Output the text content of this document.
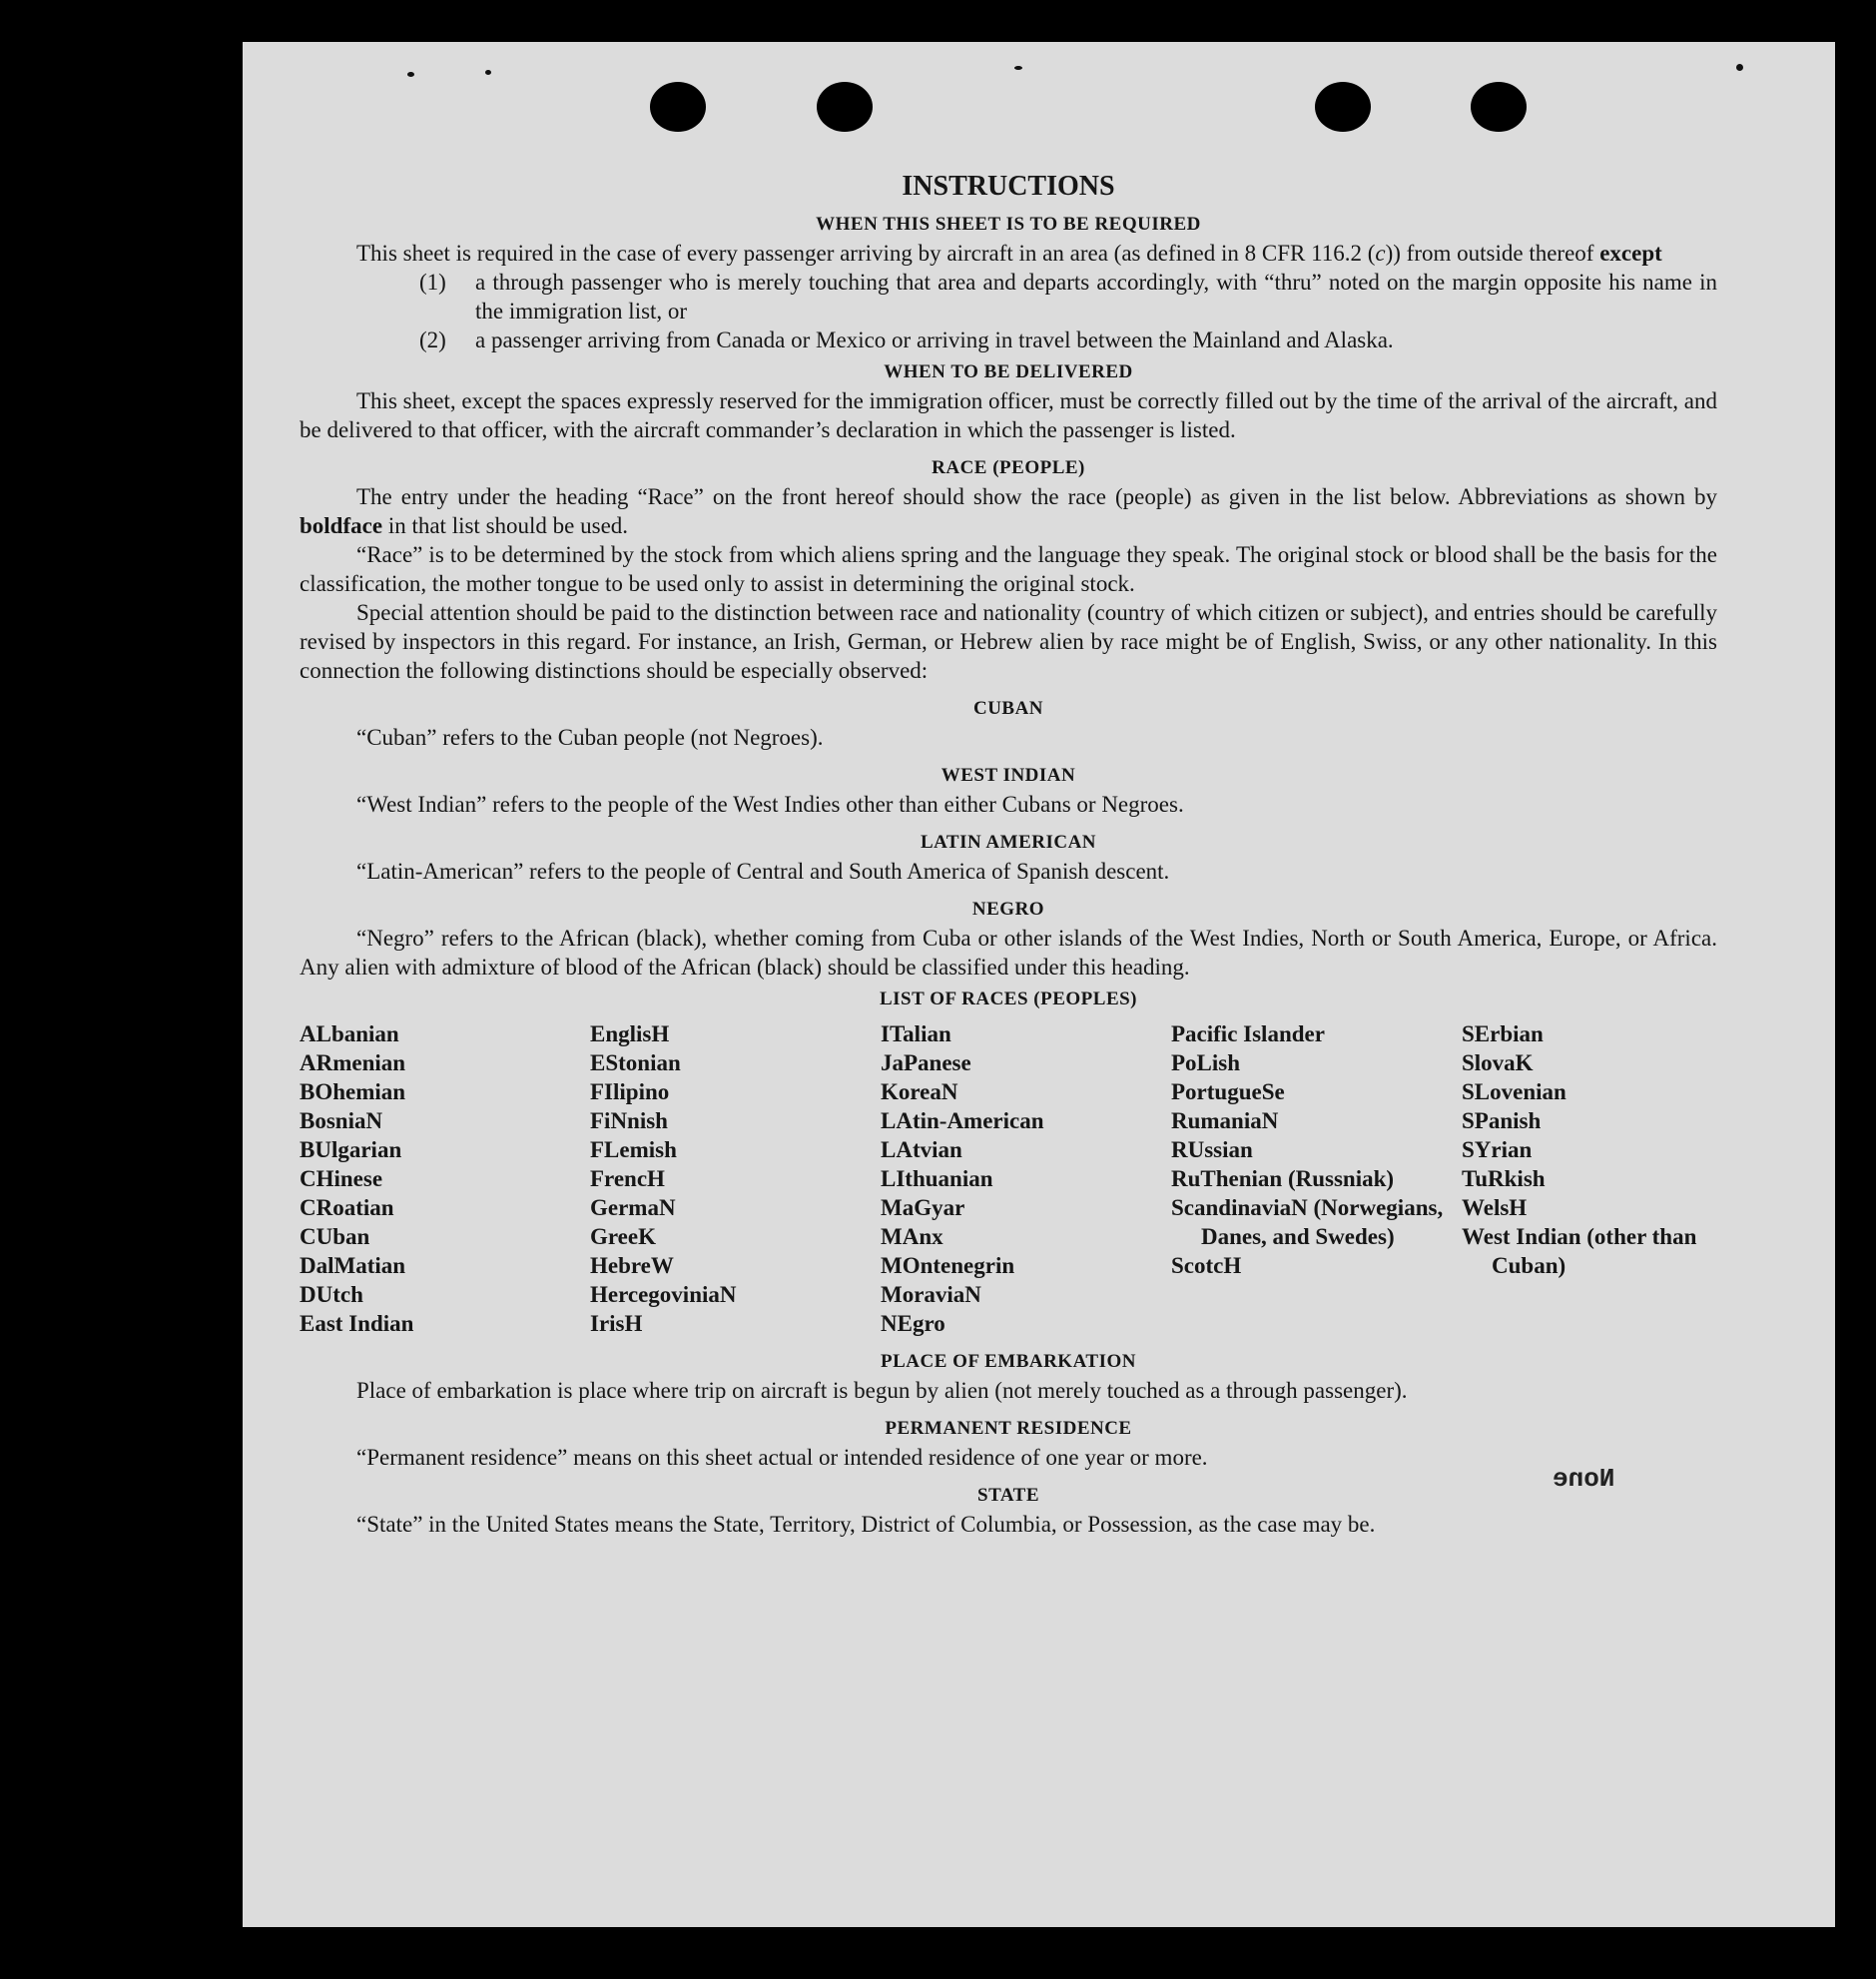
None
INSTRUCTIONS
WHEN THIS SHEET IS TO BE REQUIRED

This sheet is required in the case of every passenger arriving by aircraft in an area (as defined in 8 CFR 116.2 (c)) from outside thereof except

(1)	a through passenger who is merely touching that area and departs accordingly, with “thru” noted on the margin opposite his name in the immigration list, or
(2)	a passenger arriving from Canada or Mexico or arriving in travel between the Mainland and Alaska.
WHEN TO BE DELIVERED

This sheet, except the spaces expressly reserved for the immigration officer, must be correctly filled out by the time of the arrival of the aircraft, and be delivered to that officer, with the aircraft commander’s declaration in which the passenger is listed.

RACE (PEOPLE)

The entry under the heading “Race” on the front hereof should show the race (people) as given in the list below. Abbreviations as shown by boldface in that list should be used.

“Race” is to be determined by the stock from which aliens spring and the language they speak. The original stock or blood shall be the basis for the classification, the mother tongue to be used only to assist in determining the original stock.

Special attention should be paid to the distinction between race and nationality (country of which citizen or subject), and entries should be carefully revised by inspectors in this regard. For instance, an Irish, German, or Hebrew alien by race might be of English, Swiss, or any other nationality. In this connection the following distinctions should be especially observed:

CUBAN

“Cuban” refers to the Cuban people (not Negroes).

WEST INDIAN

“West Indian” refers to the people of the West Indies other than either Cubans or Negroes.

LATIN AMERICAN

“Latin-American” refers to the people of Central and South America of Spanish descent.

NEGRO

“Negro” refers to the African (black), whether coming from Cuba or other islands of the West Indies, North or South America, Europe, or Africa. Any alien with admixture of blood of the African (black) should be classified under this heading.

LIST OF RACES (PEOPLES)
ALbanian
ARmenian
BOhemian
BosniaN
BUlgarian
CHinese
CRoatian
CUban
DalMatian
DUtch
East Indian
EnglisH
EStonian
FIlipino
FiNnish
FLemish
FrencH
GermaN
GreeK
HebreW
HercegovinіaN
IrisH
ITalian
JaPanese
KoreaN
LAtin-American
LAtvian
LIthuanian
MaGyar
MAnx
MOntenegrin
MoraviaN
NEgro
Pacific Islander
PoLish
PortugueSe
RumaniaN
RUssian
RuThenian (Russniak)
ScandinaviaN (Norwegians, Danes, and Swedes)
ScotcH
SErbian
SlovaK
SLovenian
SPanish
SYrian
TuRkish
WelsH
West Indian (other than Cuban)
PLACE OF EMBARKATION

Place of embarkation is place where trip on aircraft is begun by alien (not merely touched as a through passenger).

PERMANENT RESIDENCE

“Permanent residence” means on this sheet actual or intended residence of one year or more.

STATE

“State” in the United States means the State, Territory, District of Columbia, or Possession, as the case may be.
